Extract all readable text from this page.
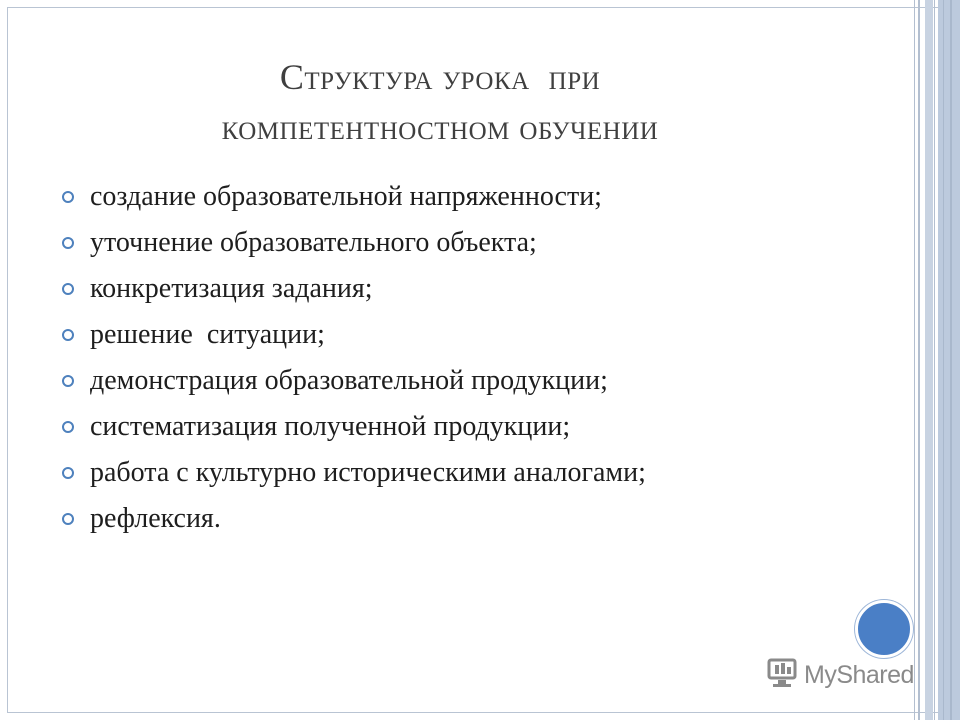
Структура урока  при
компетентностном обучении
создание образовательной напряженности;
уточнение образовательного объекта;
конкретизация задания;
решение  ситуации;
демонстрация образовательной продукции;
систематизация полученной продукции;
работа с культурно историческими аналогами;
рефлексия.
MyShared
